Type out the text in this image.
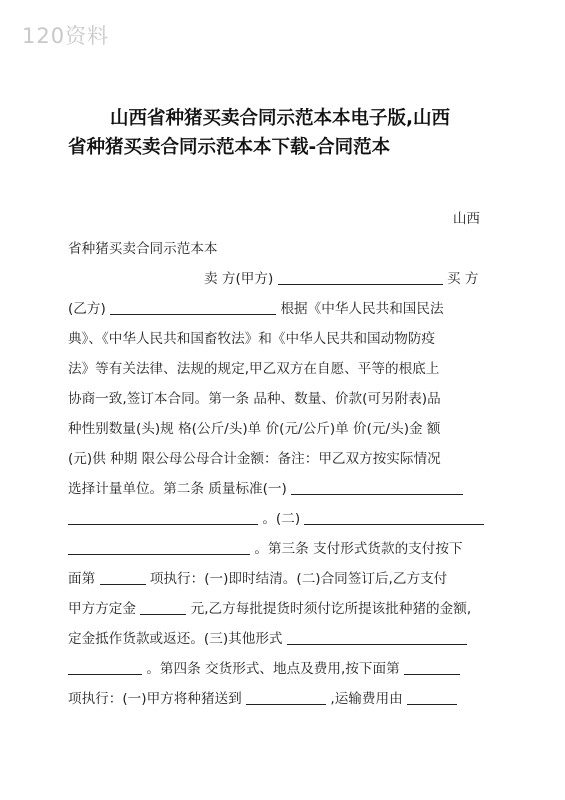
120资料
山西省种猪买卖合同示范本本电子版,山西
省种猪买卖合同示范本本下载-合同范本
山西
省种猪买卖合同示范本本
卖 方(甲方)	买 方
(乙方)	根据《中华人民共和国民法
典》、《中华人民共和国畜牧法》和《中华人民共和国动物防疫
法》等有关法律、法规的规定,甲乙双方在自愿、平等的根底上
协商一致,签订本合同。第一条 品种、数量、价款(可另附表)品
种性别数量(头)规 格(公斤/头)单 价(元/公斤)单 价(元/头)金 额
(元)供 种期 限公母公母合计金额：备注：甲乙双方按实际情况
选择计量单位。第二条 质量标准(一)
。(二)
。第三条 支付形式货款的支付按下
面第	项执行：(一)即时结清。(二)合同签订后,乙方支付
甲方方定金	元,乙方每批提货时须付讫所提该批种猪的金额,
定金抵作货款或返还。(三)其他形式
。第四条 交货形式、地点及费用,按下面第
项执行：(一)甲方将种猪送到	,运输费用由
